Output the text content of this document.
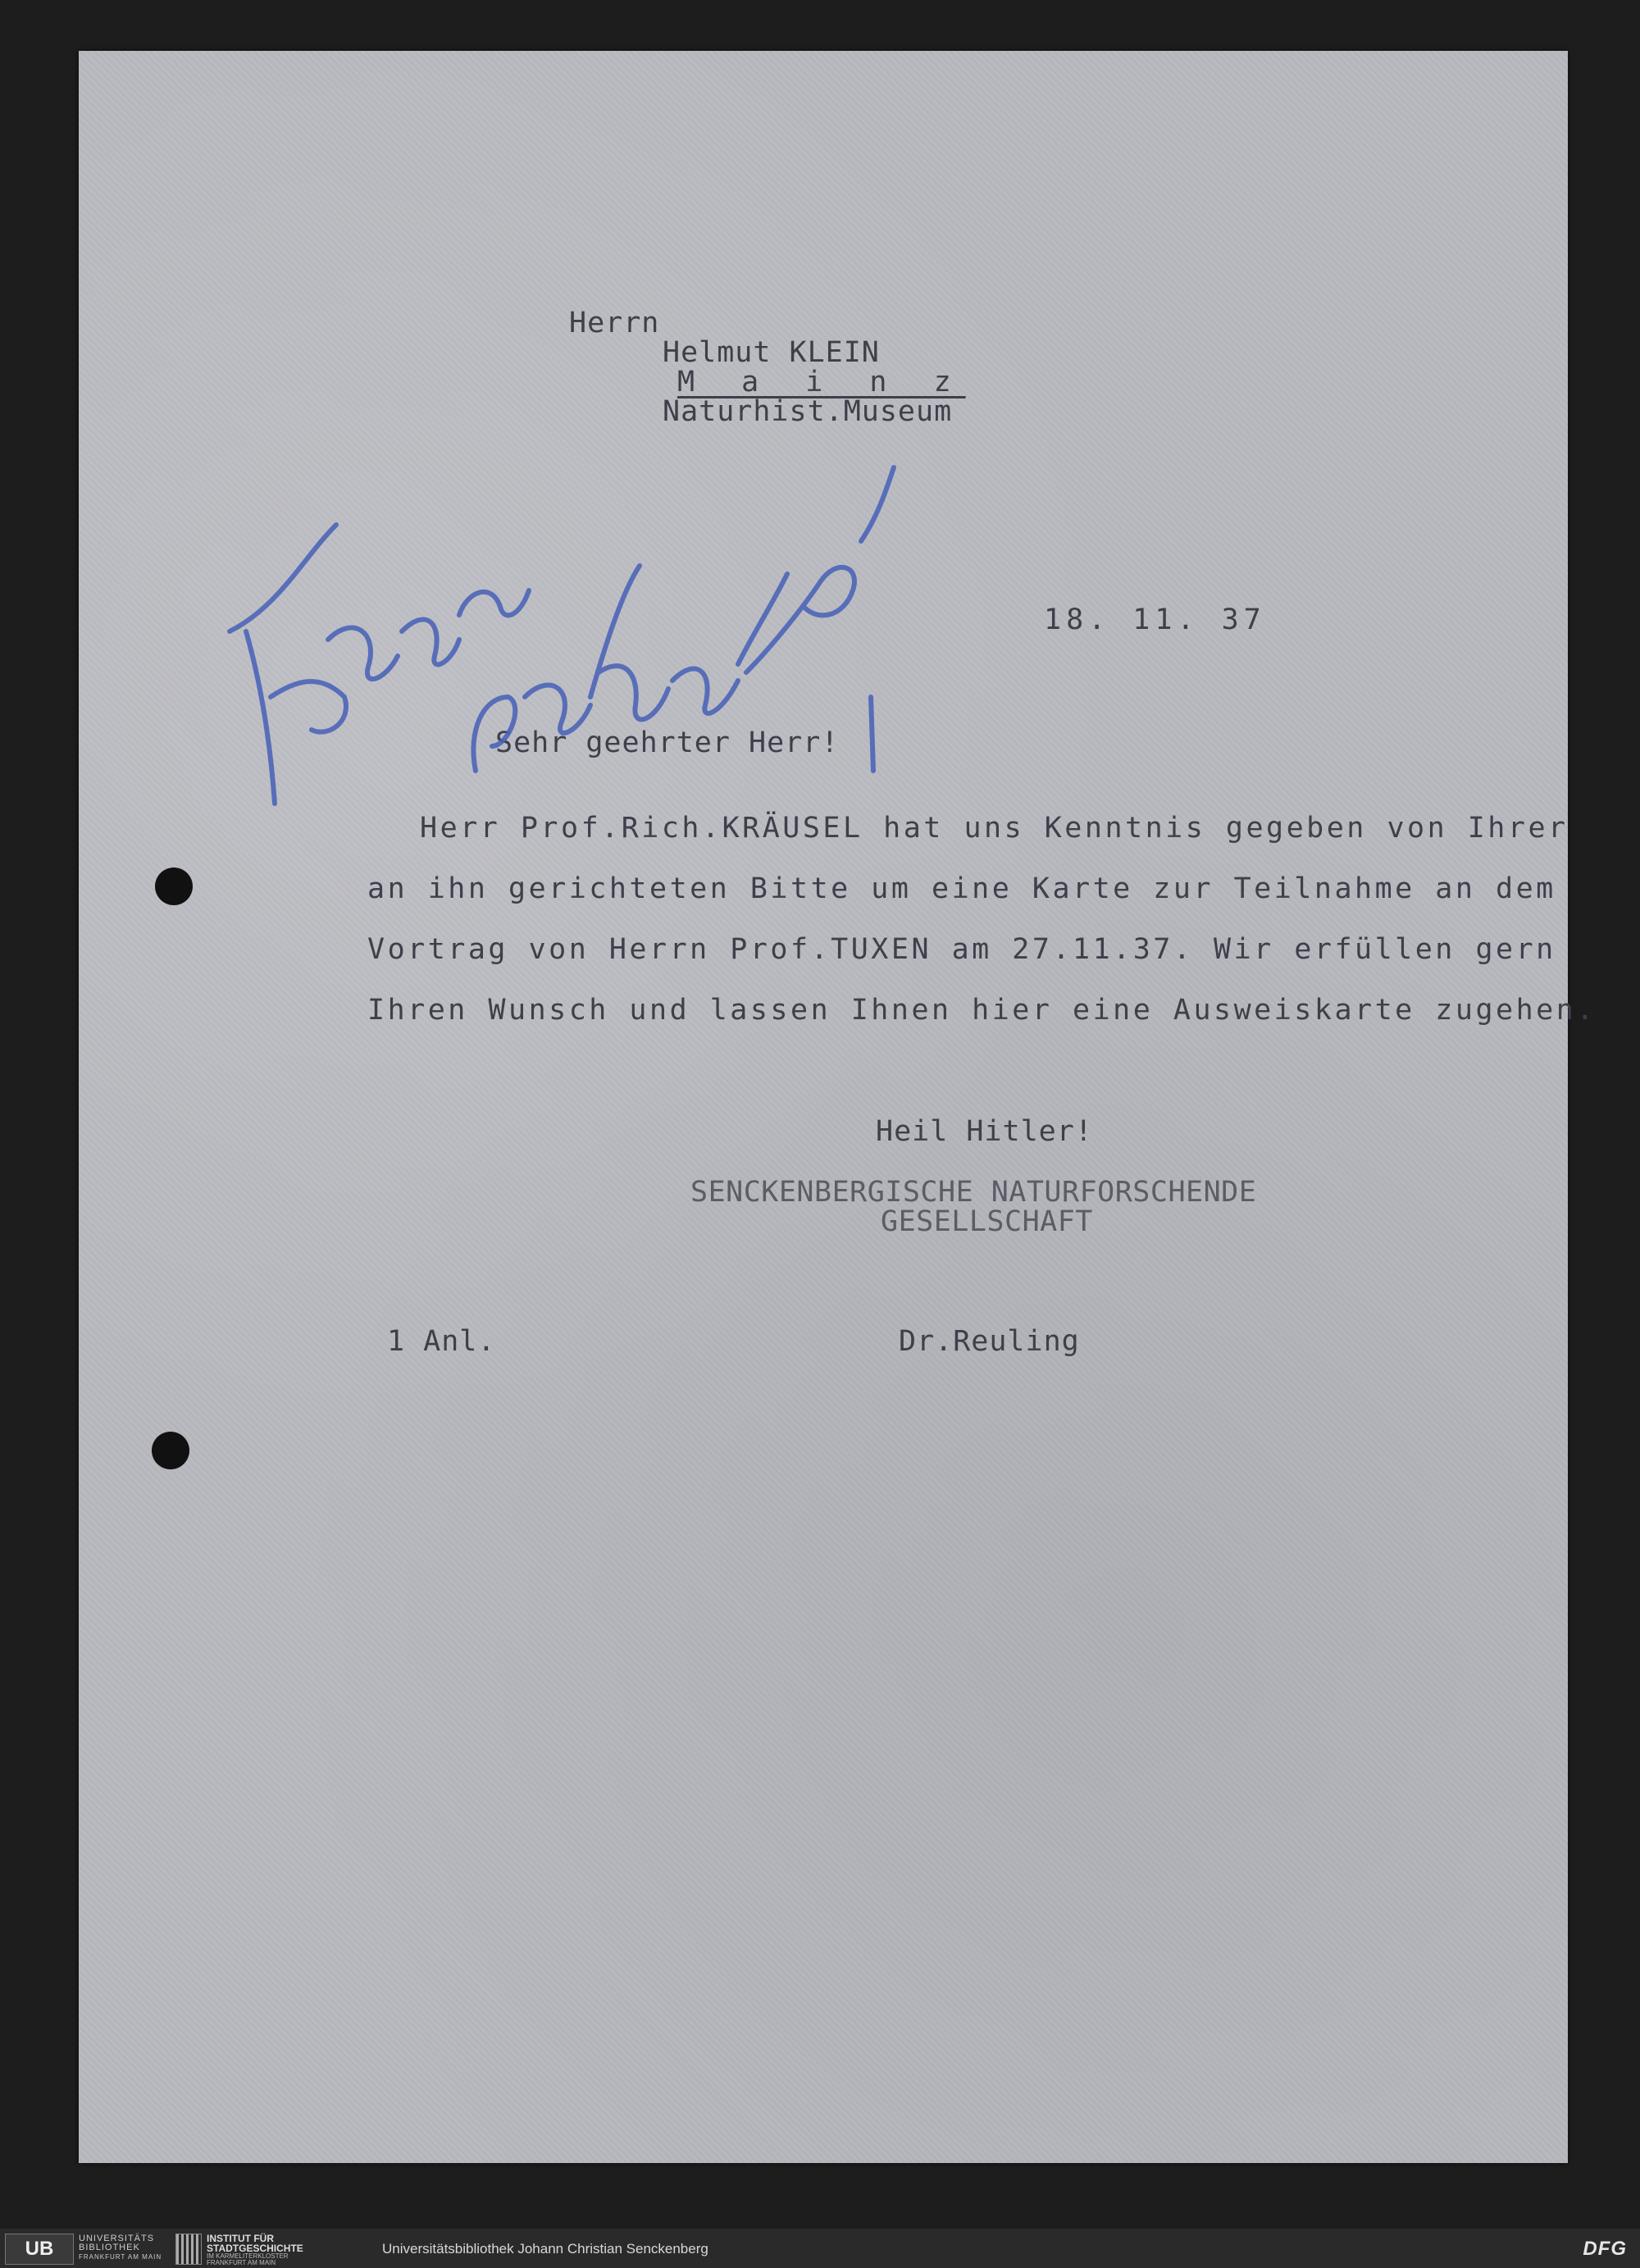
Herrn
Helmut KLEIN
M a i n z
Naturhist.Museum
18. 11. 37
Sehr geehrter Herr!
Herr Prof.Rich.KRÄUSEL hat uns Kenntnis gegeben von Ihrer
an ihn gerichteten Bitte um eine Karte zur Teilnahme an dem
Vortrag von Herrn Prof.TUXEN am 27.11.37. Wir erfüllen gern
Ihren Wunsch und lassen Ihnen hier eine Ausweiskarte zugehen.
Heil Hitler!
SENCKENBERGISCHE NATURFORSCHENDE
GESELLSCHAFT
1 Anl.	Dr.Reuling
UB	UNIVERSITÄTS
BIBLIOTHEK
FRANKFURT AM MAIN
INSTITUT FÜR
STADTGESCHICHTE
IM KARMELITERKLOSTER
FRANKFURT AM MAIN
Universitätsbibliothek Johann Christian Senckenberg	DFG
